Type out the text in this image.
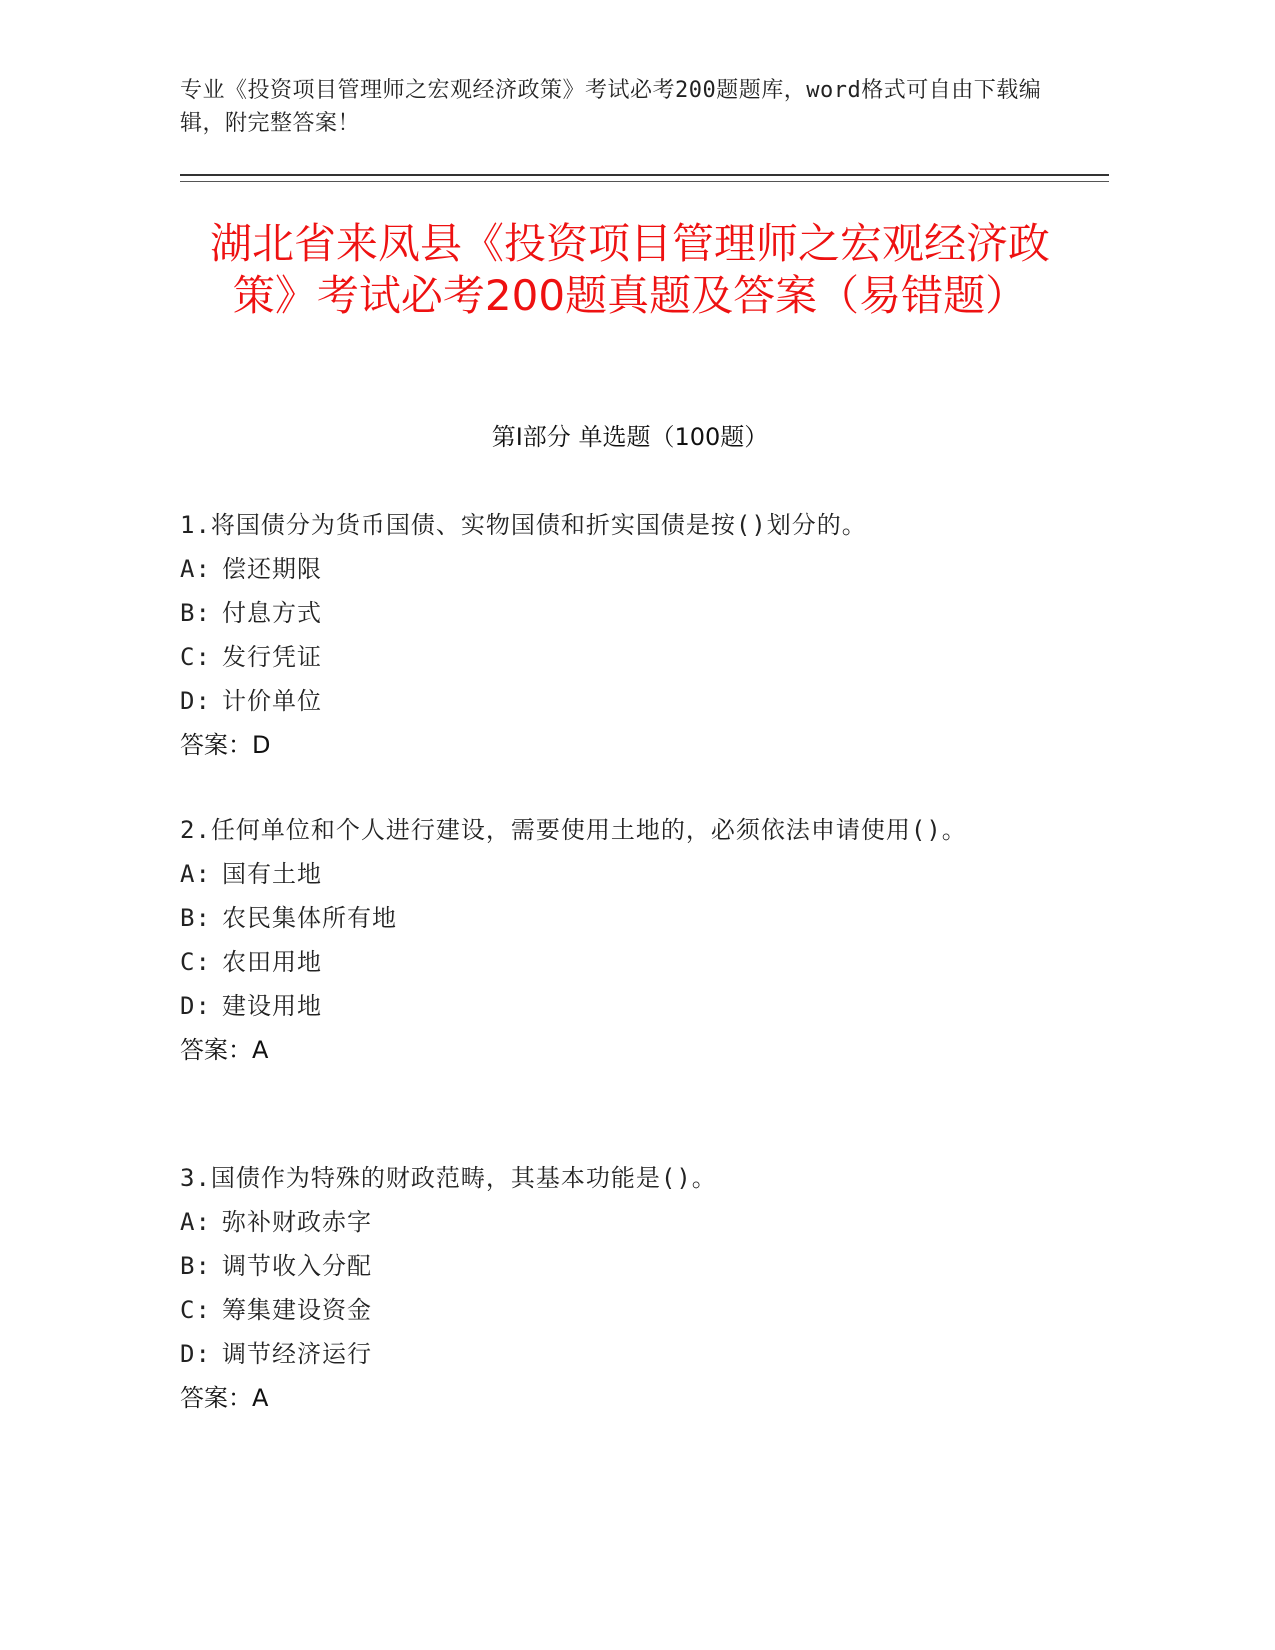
专业《投资项目管理师之宏观经济政策》考试必考200题题库，word格式可自由下载编辑，附完整答案！
湖北省来凤县《投资项目管理师之宏观经济政策》考试必考200题真题及答案（易错题）
第I部分 单选题（100题）

1.将国债分为货币国债、实物国债和折实国债是按()划分的。

A: 偿还期限

B: 付息方式

C: 发行凭证

D: 计价单位

答案：D

2.任何单位和个人进行建设，需要使用土地的，必须依法申请使用()。

A: 国有土地

B: 农民集体所有地

C: 农田用地

D: 建设用地

答案：A

3.国债作为特殊的财政范畴，其基本功能是()。

A: 弥补财政赤字

B: 调节收入分配

C: 筹集建设资金

D: 调节经济运行

答案：A
